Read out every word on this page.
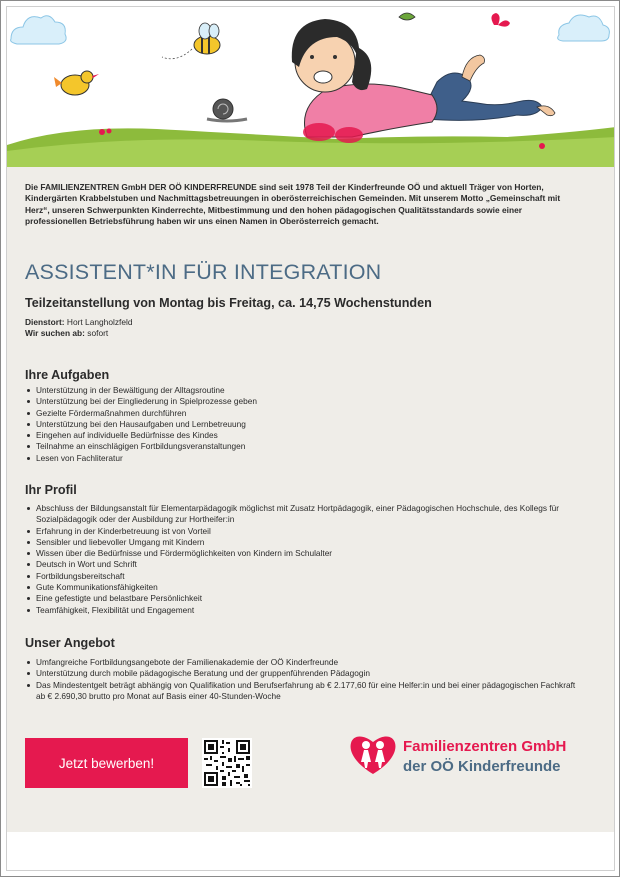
Die FAMILIENZENTREN GmbH DER OÖ KINDERFREUNDE sind seit 1978 Teil der Kinderfreunde OÖ und aktuell Träger von Horten, Kindergärten Krabbelstuben und Nachmittagsbetreuungen in oberösterreichischen Gemeinden. Mit unserem Motto „Gemeinschaft mit Herz“, unseren Schwerpunkten Kinderrechte, Mitbestimmung und den hohen pädagogischen Qualitätsstandards sowie einer professionellen Betriebsführung haben wir uns einen Namen in Oberösterreich gemacht.
ASSISTENT*IN FÜR INTEGRATION
Teilzeitanstellung von Montag bis Freitag, ca. 14,75 Wochenstunden
Dienstort: Hort Langholzfeld
Wir suchen ab: sofort
Ihre Aufgaben
Unterstützung in der Bewältigung der Alltagsroutine
Unterstützung bei der Eingliederung in Spielprozesse geben
Gezielte Fördermaßnahmen durchführen
Unterstützung bei den Hausaufgaben und Lernbetreuung
Eingehen auf individuelle Bedürfnisse des Kindes
Teilnahme an einschlägigen Fortbildungsveranstaltungen
Lesen von Fachliteratur
Ihr Profil
Abschluss der Bildungsanstalt für Elementarpädagogik möglichst mit Zusatz Hortpädagogik, einer Pädagogischen Hochschule, des Kollegs für Sozialpädagogik oder der Ausbildung zur Hortheifer:in
Erfahrung in der Kinderbetreuung ist von Vorteil
Sensibler und liebevoller Umgang mit Kindern
Wissen über die Bedürfnisse und Fördermöglichkeiten von Kindern im Schulalter
Deutsch in Wort und Schrift
Fortbildungsbereitschaft
Gute Kommunikationsfähigkeiten
Eine gefestigte und belastbare Persönlichkeit
Teamfähigkeit, Flexibilität und Engagement
Unser Angebot
Umfangreiche Fortbildungsangebote der Familienakademie der OÖ Kinderfreunde
Unterstützung durch mobile pädagogische Beratung und der gruppenführenden Pädagogin
Das Mindestentgelt beträgt abhängig von Qualifikation und Berufserfahrung ab € 2.177,60 für eine Helfer:in und bei einer pädagogischen Fachkraft ab € 2.690,30 brutto pro Monat auf Basis einer 40-Stunden-Woche
Jetzt bewerben!
Familienzentren GmbH
der OÖ Kinderfreunde
